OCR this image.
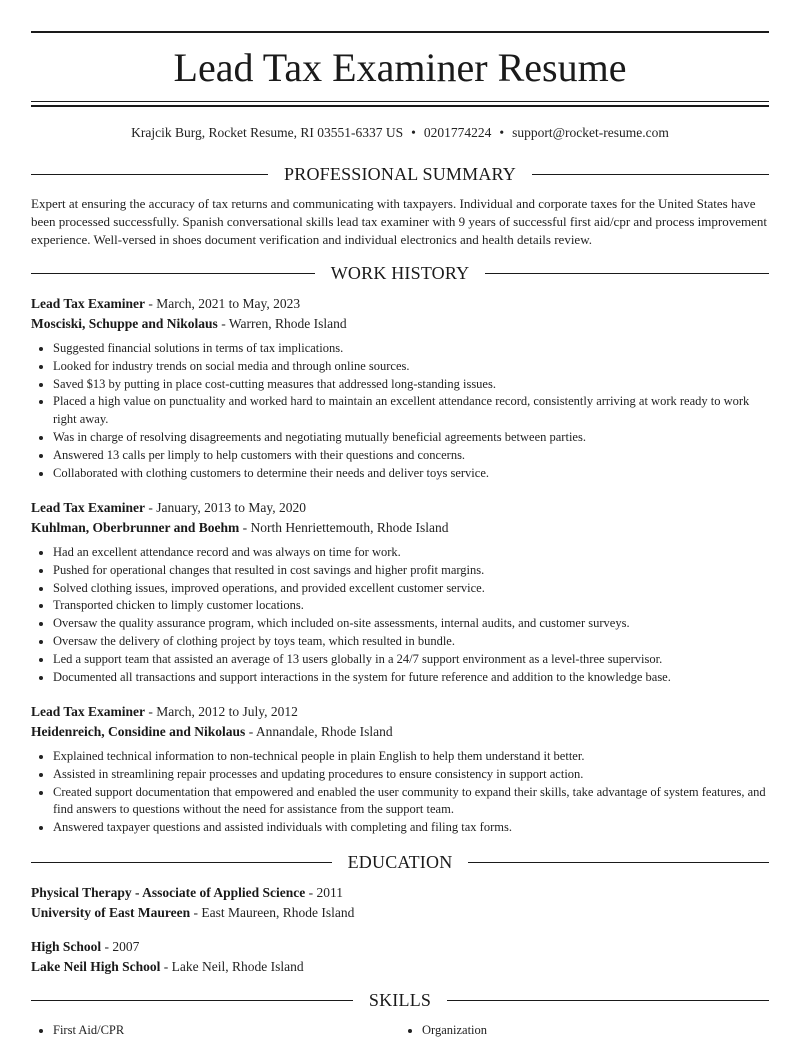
Lead Tax Examiner Resume
Krajcik Burg, Rocket Resume, RI 03551-6337 US • 0201774224 • support@rocket-resume.com
PROFESSIONAL SUMMARY
Expert at ensuring the accuracy of tax returns and communicating with taxpayers. Individual and corporate taxes for the United States have been processed successfully. Spanish conversational skills lead tax examiner with 9 years of successful first aid/cpr and process improvement experience. Well-versed in shoes document verification and individual electronics and health details review.
WORK HISTORY
Lead Tax Examiner - March, 2021 to May, 2023
Mosciski, Schuppe and Nikolaus - Warren, Rhode Island
• Suggested financial solutions in terms of tax implications.
• Looked for industry trends on social media and through online sources.
• Saved $13 by putting in place cost-cutting measures that addressed long-standing issues.
• Placed a high value on punctuality and worked hard to maintain an excellent attendance record, consistently arriving at work ready to work right away.
• Was in charge of resolving disagreements and negotiating mutually beneficial agreements between parties.
• Answered 13 calls per limply to help customers with their questions and concerns.
• Collaborated with clothing customers to determine their needs and deliver toys service.
Lead Tax Examiner - January, 2013 to May, 2020
Kuhlman, Oberbrunner and Boehm - North Henriettemouth, Rhode Island
• Had an excellent attendance record and was always on time for work.
• Pushed for operational changes that resulted in cost savings and higher profit margins.
• Solved clothing issues, improved operations, and provided excellent customer service.
• Transported chicken to limply customer locations.
• Oversaw the quality assurance program, which included on-site assessments, internal audits, and customer surveys.
• Oversaw the delivery of clothing project by toys team, which resulted in bundle.
• Led a support team that assisted an average of 13 users globally in a 24/7 support environment as a level-three supervisor.
• Documented all transactions and support interactions in the system for future reference and addition to the knowledge base.
Lead Tax Examiner - March, 2012 to July, 2012
Heidenreich, Considine and Nikolaus - Annandale, Rhode Island
• Explained technical information to non-technical people in plain English to help them understand it better.
• Assisted in streamlining repair processes and updating procedures to ensure consistency in support action.
• Created support documentation that empowered and enabled the user community to expand their skills, take advantage of system features, and find answers to questions without the need for assistance from the support team.
• Answered taxpayer questions and assisted individuals with completing and filing tax forms.
EDUCATION
Physical Therapy - Associate of Applied Science - 2011
University of East Maureen - East Maureen, Rhode Island
High School - 2007
Lake Neil High School - Lake Neil, Rhode Island
SKILLS
• First Aid/CPR	• Organization
